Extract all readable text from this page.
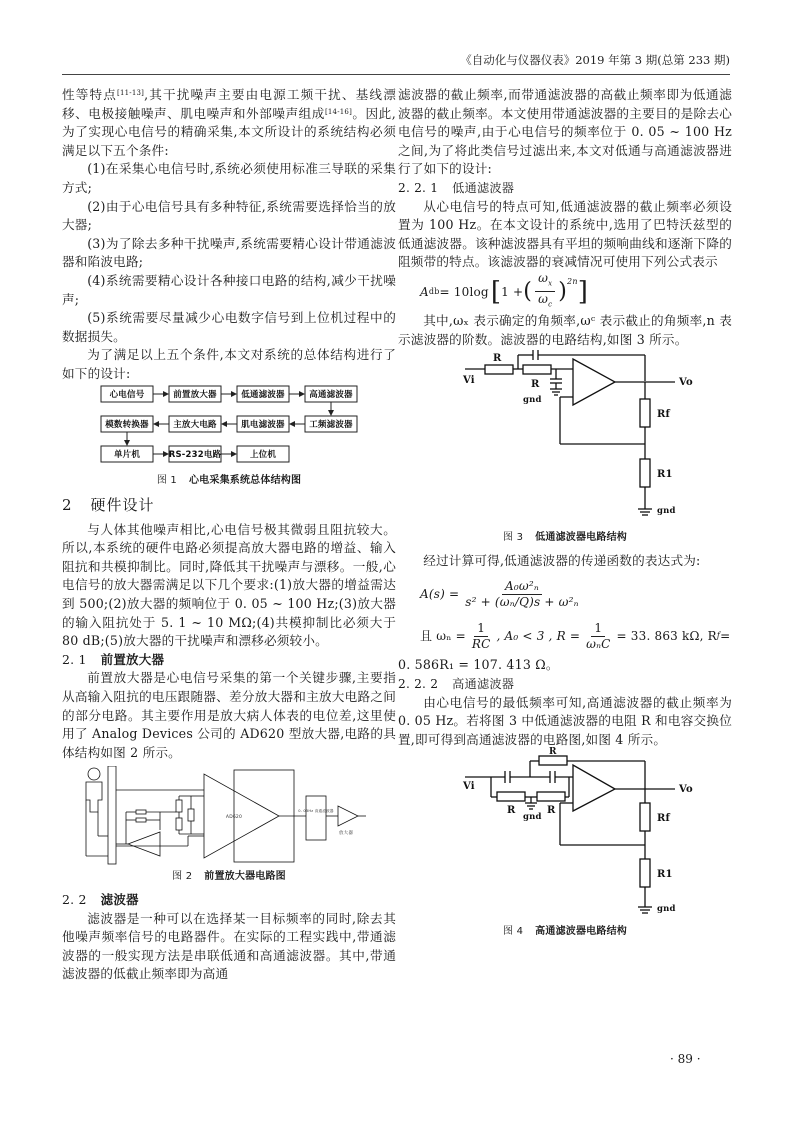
《自动化与仪器仪表》2019 年第 3 期(总第 233 期)

性等特点[11-13],其干扰噪声主要由电源工频干扰、基线漂移、电极接触噪声、肌电噪声和外部噪声组成[14-16]。因此,为了实现心电信号的精确采集,本文所设计的系统结构必须满足以下五个条件:

(1)在采集心电信号时,系统必须使用标准三导联的采集方式;

(2)由于心电信号具有多种特征,系统需要选择恰当的放大器;

(3)为了除去多种干扰噪声,系统需要精心设计带通滤波器和陷波电路;

(4)系统需要精心设计各种接口电路的结构,减少干扰噪声;

(5)系统需要尽量减少心电数字信号到上位机过程中的数据损失。

为了满足以上五个条件,本文对系统的总体结构进行了如下的设计:

心电信号	前置放大器	低通滤波器	高通滤波器
工频滤波器
肌电滤波器
主放大电路
模数转换器
单片机	RS-232电路	上位机
图 1 心电采集系统总体结构图
2 硬件设计

与人体其他噪声相比,心电信号极其微弱且阻抗较大。所以,本系统的硬件电路必须提高放大器电路的增益、输入阻抗和共模抑制比。同时,降低其干扰噪声与漂移。一般,心电信号的放大器需满足以下几个要求:(1)放大器的增益需达到 500;(2)放大器的频响位于 0. 05 ~ 100 Hz;(3)放大器的输入阻抗处于 5. 1 ~ 10 MΩ;(4)共模抑制比必须大于 80 dB;(5)放大器的干扰噪声和漂移必须较小。

2. 1 前置放大器

前置放大器是心电信号采集的第一个关键步骤,主要指从高输入阻抗的电压跟随器、差分放大器和主放大电路之间的部分电路。其主要作用是放大病人体表的电位差,这里使用了 Analog Devices 公司的 AD620 型放大器,电路的具体结构如图 2 所示。

AD620
0. 03Hz 高通滤波器
放大器
图 2 前置放大器电路图
2. 2 滤波器

滤波器是一种可以在选择某一目标频率的同时,除去其他噪声频率信号的电路器件。在实际的工程实践中,带通滤波器的一般实现方法是串联低通和高通滤波器。其中,带通滤波器的低截止频率即为高通

滤波器的截止频率,而带通滤波器的高截止频率即为低通滤波器的截止频率。本文使用带通滤波器的主要目的是除去心电信号的噪声,由于心电信号的频率位于 0. 05 ~ 100 Hz 之间,为了将此类信号过滤出来,本文对低通与高通滤波器进行了如下的设计:

2. 2. 1 低通滤波器

从心电信号的特点可知,低通滤波器的截止频率必须设置为 100 Hz。在本文设计的系统中,选用了巴特沃兹型的低通滤波器。该种滤波器具有平坦的频响曲线和逐渐下降的阻频带的特点。该滤波器的衰减情况可使用下列公式表示

A db = 10log [ 1 + ( $\frac{\omega_x}{\omega_c} )^{2n}$ ]

其中,ωₓ 表示确定的角频率,ωᶜ 表示截止的角频率,n 表示滤波器的阶数。滤波器的电路结构,如图 3 所示。

Vi
R
R
gnd
Vo
Rf
R1
gnd
图 3 低通滤波器电路结构

经过计算可得,低通滤波器的传递函数的表达式为:

$A(s) = \frac{\text{A₀ω²ₙ}}{\text{s² + (ωₙ/Q)s + ω²ₙ}}$
且 $\omega_n = \frac{1}{RC}$ , A₀ < 3 , $R = \frac{1}{\text{ωₙC}} = 33$. 863 kΩ, R f =

0. 586R₁ = 107. 413 Ω。

2. 2. 2 高通滤波器

由心电信号的最低频率可知,高通滤波器的截止频率为 0. 05 Hz。若将图 3 中低通滤波器的电阻 R 和电容交换位置,即可得到高通滤波器的电路图,如图 4 所示。

R
Vi
R
gnd
R
Vo
Rf
R1
gnd
图 4 高通滤波器电路结构
· 89 ·
